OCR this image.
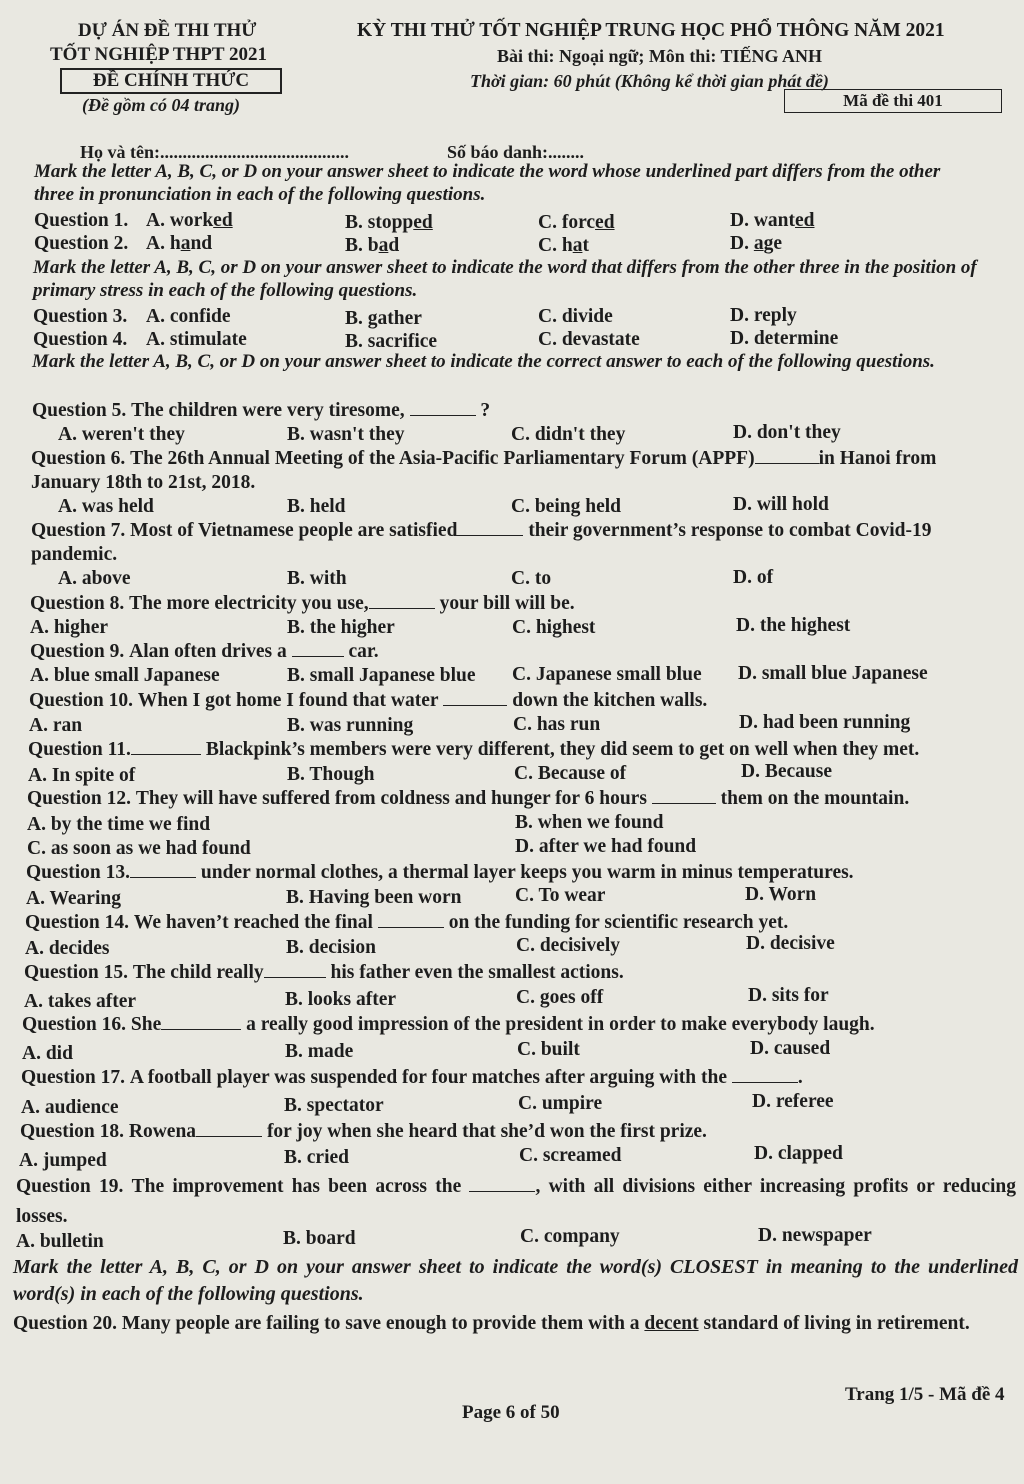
DỰ ÁN ĐỀ THI THỬ
TỐT NGHIỆP THPT 2021
ĐỀ CHÍNH THỨC
(Đề gồm có 04 trang)
KỲ THI THỬ TỐT NGHIỆP TRUNG HỌC PHỔ THÔNG NĂM 2021
Bài thi: Ngoại ngữ; Môn thi: TIẾNG ANH
Thời gian: 60 phút (Không kể thời gian phát đề)
Mã đề thi 401
Họ và tên:..........................................	Số báo danh:........
Mark the letter A, B, C, or D on your answer sheet to indicate the word whose underlined part differs from the other three in pronunciation in each of the following questions.
Question 1. A. worked	B. stopped	C. forced	D. wanted
Question 2. A. hand	B. bad	C. hat	D. age
Mark the letter A, B, C, or D on your answer sheet to indicate the word that differs from the other three in the position of primary stress in each of the following questions.
Question 3. A. confide	B. gather	C. divide	D. reply
Question 4. A. stimulate	B. sacrifice	C. devastate	D. determine
Mark the letter A, B, C, or D on your answer sheet to indicate the correct answer to each of the following questions.
Question 5. The children were very tiresome,	?
A. weren't they	B. wasn't they	C. didn't they	D. don't they
Question 6. The 26th Annual Meeting of the Asia-Pacific Parliamentary Forum (APPF)	in Hanoi from January 18th to 21st, 2018.
A. was held	B. held	C. being held	D. will hold
Question 7. Most of Vietnamese people are satisfied	their government’s response to combat Covid-19 pandemic.
A. above	B. with	C. to	D. of
Question 8. The more electricity you use,	your bill will be.
A. higher	B. the higher	C. highest	D. the highest
Question 9. Alan often drives a	car.
A. blue small Japanese	B. small Japanese blue C. Japanese small blue D. small blue Japanese
Question 10. When I got home I found that water	down the kitchen walls.
A. ran	B. was running	C. has run	D. had been running
Question 11.	Blackpink’s members were very different, they did seem to get on well when they met.
A. In spite of	B. Though	C. Because of	D. Because
Question 12. They will have suffered from coldness and hunger for 6 hours	them on the mountain.
A. by the time we find	B. when we found
C. as soon as we had found	D. after we had found
Question 13.	under normal clothes, a thermal layer keeps you warm in minus temperatures.
A. Wearing	B. Having been worn	C. To wear	D. Worn
Question 14. We haven’t reached the final	on the funding for scientific research yet.
A. decides	B. decision	C. decisively	D. decisive
Question 15. The child really	his father even the smallest actions.
A. takes after	B. looks after	C. goes off	D. sits for
Question 16. She	a really good impression of the president in order to make everybody laugh.
A. did	B. made	C. built	D. caused
Question 17. A football player was suspended for four matches after arguing with the	.
A. audience	B. spectator	C. umpire	D. referee
Question 18. Rowena	for joy when she heard that she’d won the first prize.
A. jumped	B. cried	C. screamed	D. clapped
Question 19. The improvement has been across the	, with all divisions either increasing profits or reducing losses.
A. bulletin	B. board	C. company	D. newspaper
Mark the letter A, B, C, or D on your answer sheet to indicate the word(s) CLOSEST in meaning to the underlined word(s) in each of the following questions.
Question 20. Many people are failing to save enough to provide them with a decent standard of living in retirement.
Trang 1/5 - Mã đề 4
Page 6 of 50
